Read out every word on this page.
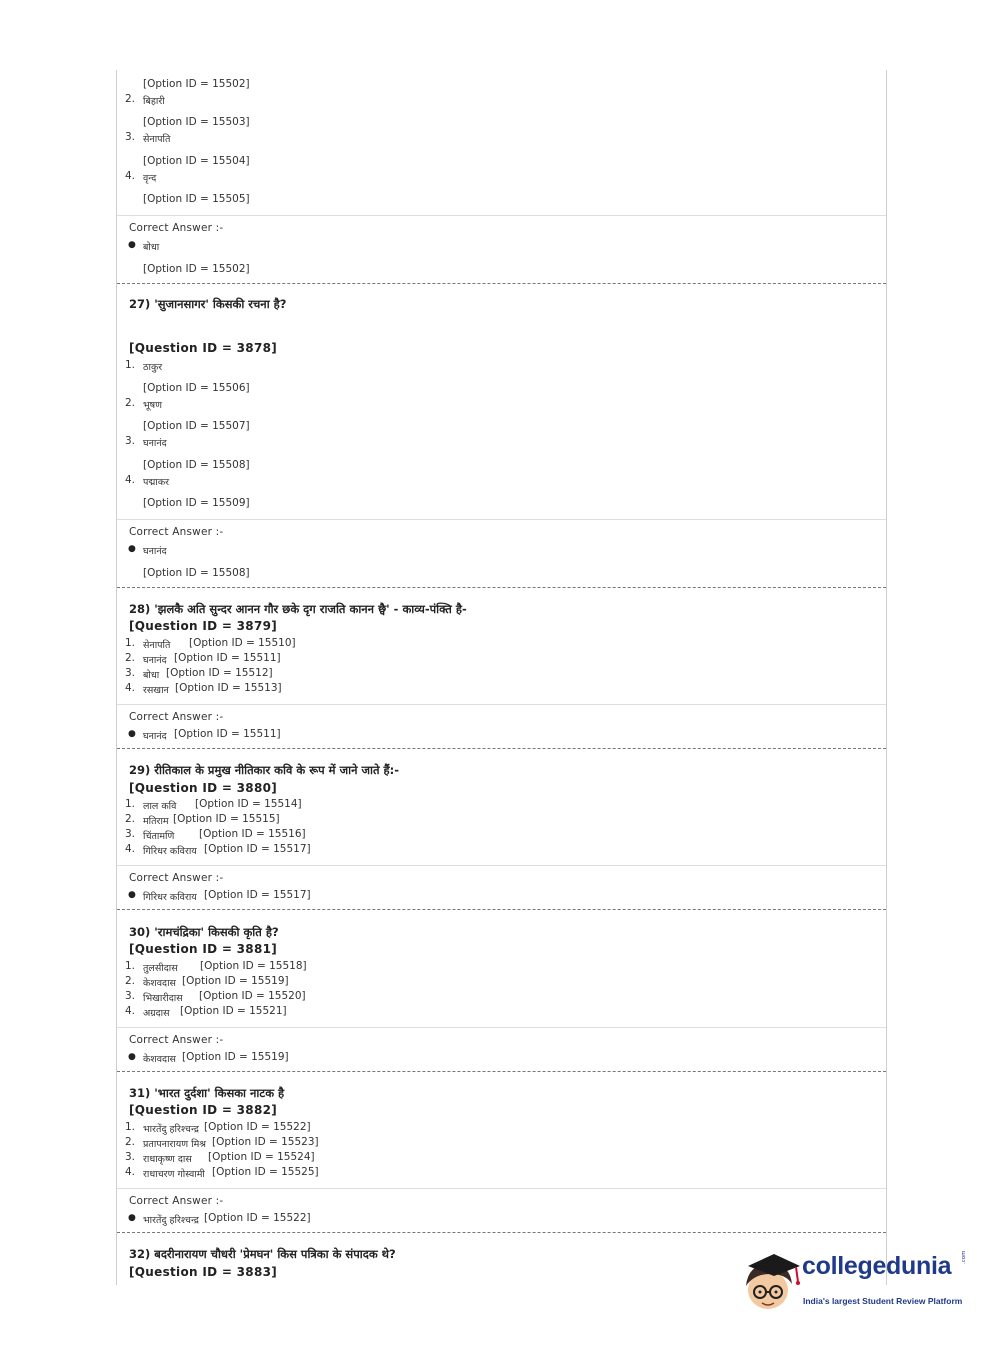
[Option ID = 15502]
2. बिहारी
[Option ID = 15503]
3. सेनापति
[Option ID = 15504]
4. वृन्द
[Option ID = 15505]
Correct Answer :-
● बोधा
[Option ID = 15502]
27) 'सुजानसागर' किसकी रचना है?
[Question ID = 3878]
1. ठाकुर
[Option ID = 15506]
2. भूषण
[Option ID = 15507]
3. घनानंद
[Option ID = 15508]
4. पद्माकर
[Option ID = 15509]
Correct Answer :-
● घनानंद
[Option ID = 15508]
28) 'झलकै अति सुन्दर आनन गौर छके दृग राजति कानन छ्वै' - काव्य-पंक्ति है-
[Question ID = 3879]
1. सेनापति [Option ID = 15510]
2. घनानंद [Option ID = 15511]
3. बोधा [Option ID = 15512]
4. रसखान [Option ID = 15513]
Correct Answer :-
● घनानंद [Option ID = 15511]
29) रीतिकाल के प्रमुख नीतिकार कवि के रूप में जाने जाते हैं:-
[Question ID = 3880]
1. लाल कवि [Option ID = 15514]
2. मतिराम [Option ID = 15515]
3. चिंतामणि [Option ID = 15516]
4. गिरिधर कविराय [Option ID = 15517]
Correct Answer :-
● गिरिधर कविराय [Option ID = 15517]
30) 'रामचंद्रिका' किसकी कृति है?
[Question ID = 3881]
1. तुलसीदास [Option ID = 15518]
2. केशवदास [Option ID = 15519]
3. भिखारीदास [Option ID = 15520]
4. अग्रदास [Option ID = 15521]
Correct Answer :-
● केशवदास [Option ID = 15519]
31) 'भारत दुर्दशा' किसका नाटक है
[Question ID = 3882]
1. भारतेंदु हरिश्चन्द्र [Option ID = 15522]
2. प्रतापनारायण मिश्र [Option ID = 15523]
3. राधाकृष्ण दास [Option ID = 15524]
4. राधाचरण गोस्वामी [Option ID = 15525]
Correct Answer :-
● भारतेंदु हरिश्चन्द्र [Option ID = 15522]
32) बदरीनारायण चौधरी 'प्रेमघन' किस पत्रिका के संपादक थे?
[Question ID = 3883]	collegedunia .com
India's largest Student Review Platform
